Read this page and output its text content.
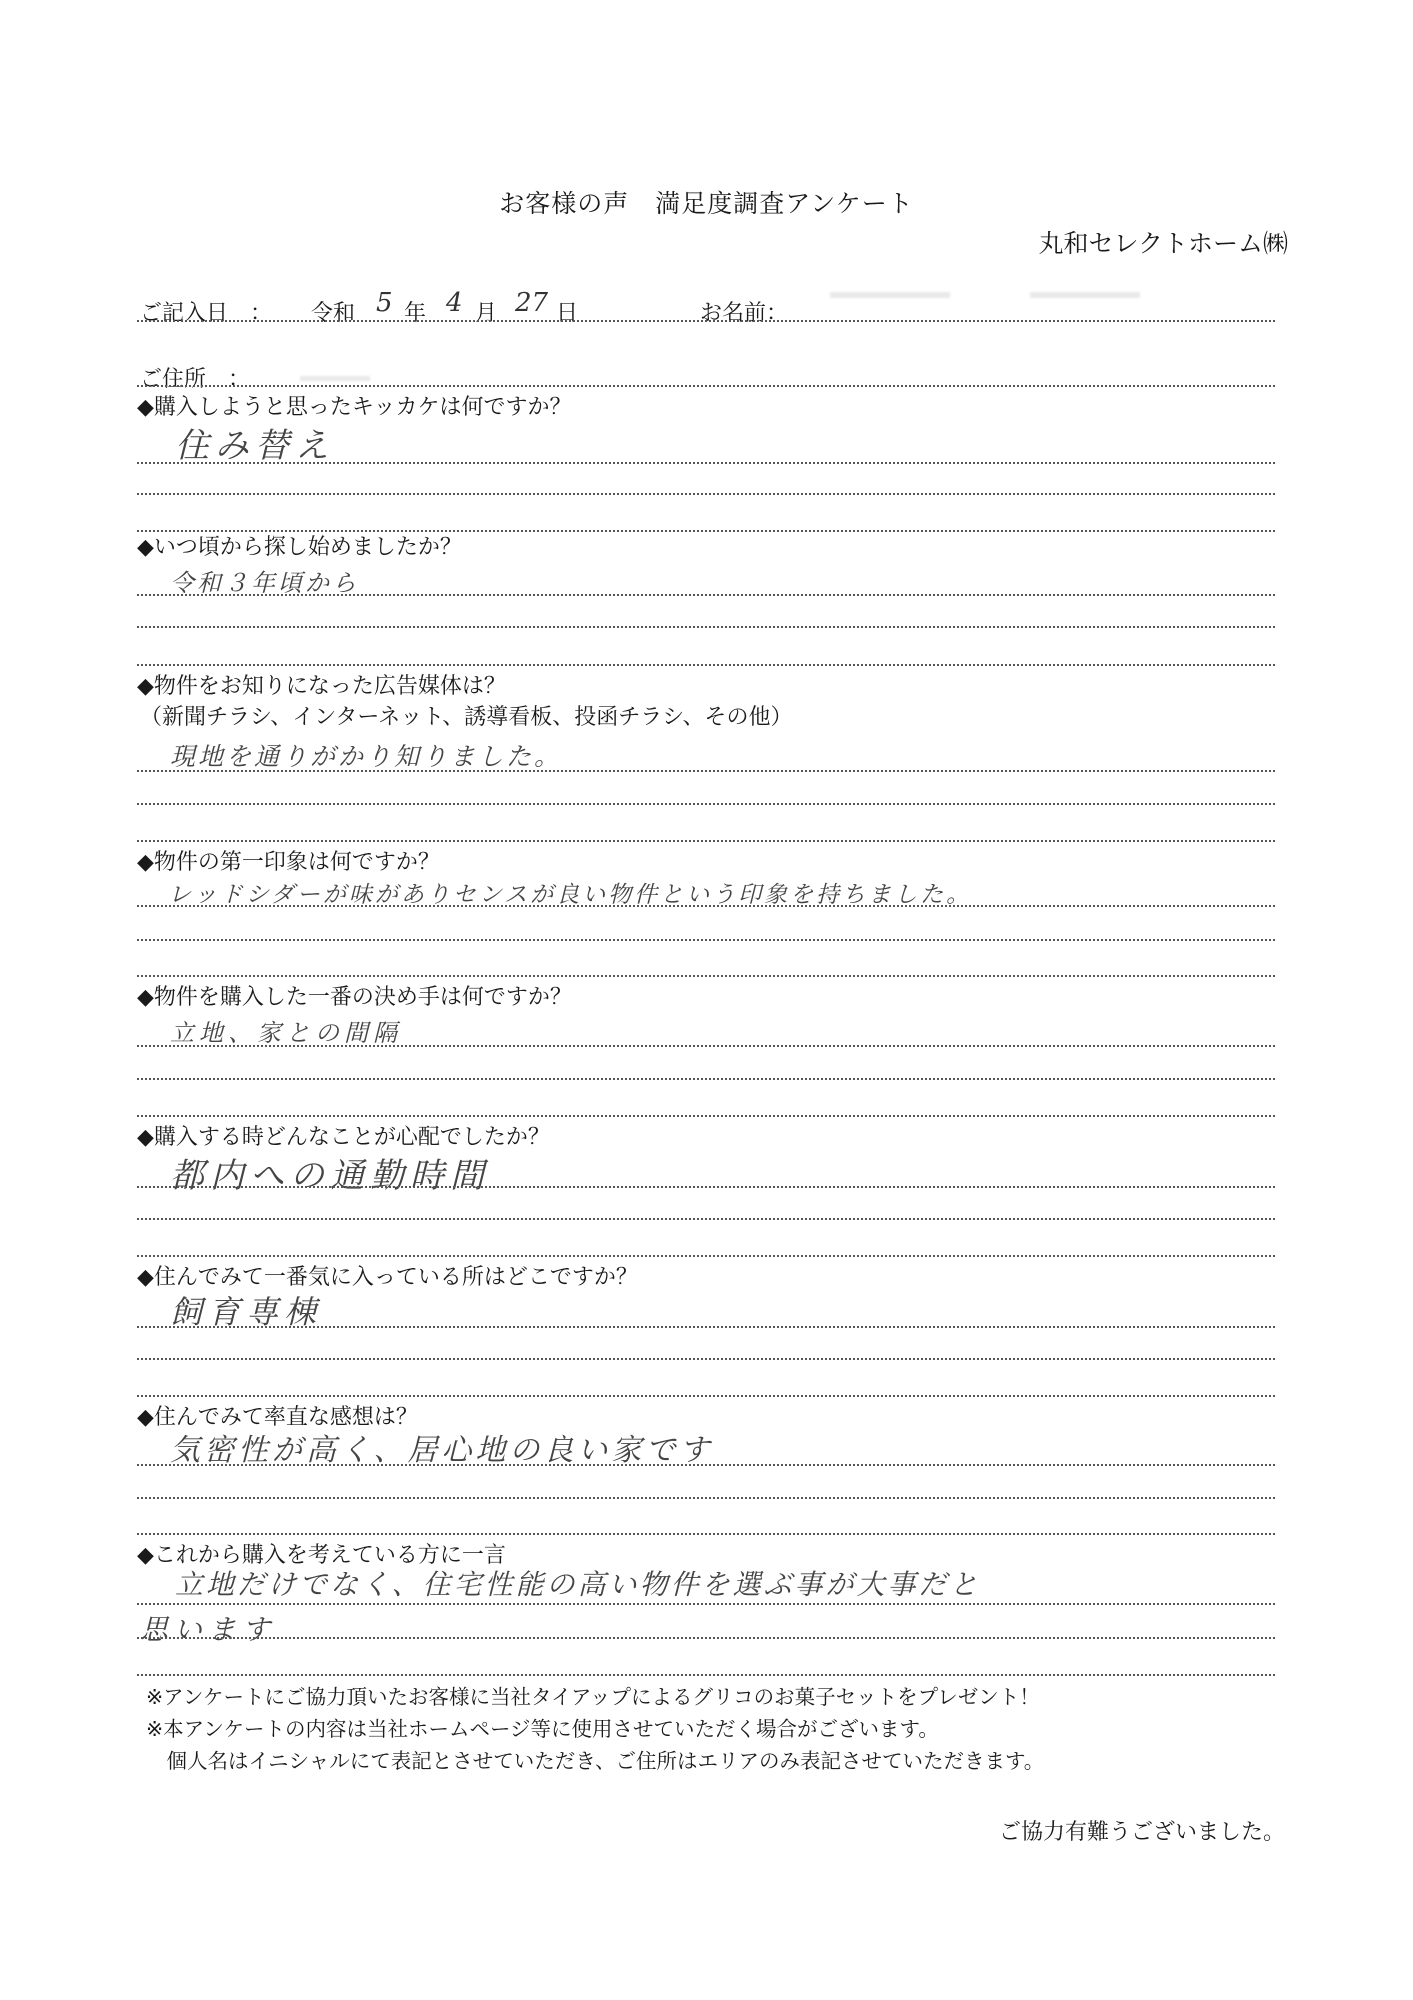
お客様の声　満足度調査アンケート
丸和セレクトホーム㈱
ご記入日　： 令和 5 年 4 月 27 日	お名前：
ご住所　：
◆購入しようと思ったキッカケは何ですか？
住み替え
◆いつ頃から探し始めましたか？
令和３年頃から
◆物件をお知りになった広告媒体は？
（新聞チラシ、インターネット、誘導看板、投函チラシ、その他）
現地を通りがかり知りました。
◆物件の第一印象は何ですか？
レッドシダーが味がありセンスが良い物件という印象を持ちました。
◆物件を購入した一番の決め手は何ですか？
立地、家との間隔
◆購入する時どんなことが心配でしたか？
都内への通勤時間
◆住んでみて一番気に入っている所はどこですか？
飼育専棟
◆住んでみて率直な感想は？
気密性が高く、居心地の良い家です
◆これから購入を考えている方に一言
立地だけでなく、住宅性能の高い物件を選ぶ事が大事だと
思います
※アンケートにご協力頂いたお客様に当社タイアップによるグリコのお菓子セットをプレゼント！
※本アンケートの内容は当社ホームページ等に使用させていただく場合がございます。
　個人名はイニシャルにて表記とさせていただき、ご住所はエリアのみ表記させていただきます。
ご協力有難うございました。
